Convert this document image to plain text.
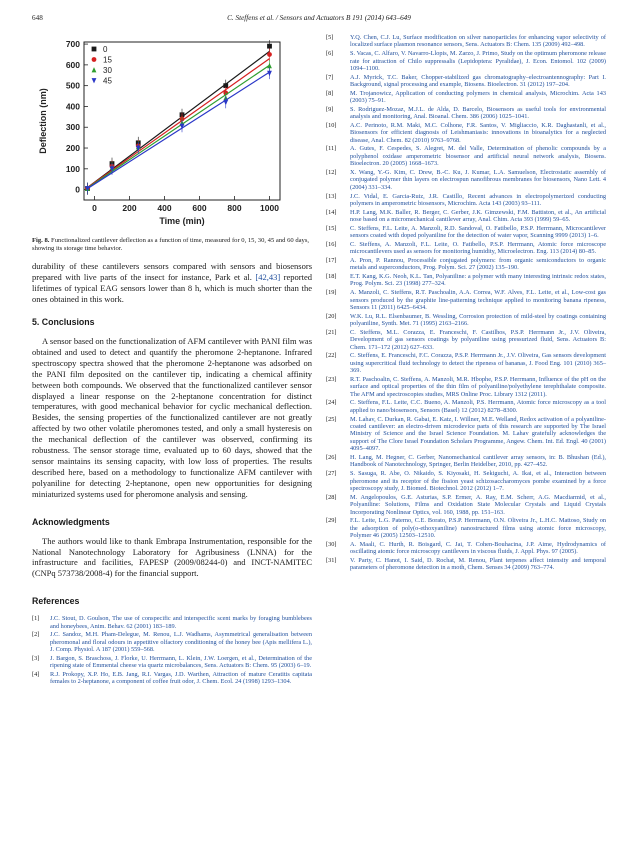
648	C. Steffens et al. / Sensors and Actuators B 191 (2014) 643–649
0
100
200
300
400
500
600
700
0	200 400 600 800 1000
Time (min)
Deflection (nm)
0
15
30
45
Fig. 8. Functionalized cantilever deflection as a function of time, measured for 0, 15, 30, 45 and 60 days, showing its storage time behavior.

durability of these cantilevers sensors compared with sensors and biosensors prepared with live parts of the insect for instance, Park et al. [42,43] reported lifetimes of typical EAG sensors lower than 8 h, which is much shorter than the ones obtained in this work.

5. Conclusions

A sensor based on the functionalization of AFM cantilever with PANI film was obtained and used to detect and quantify the pheromone 2-heptanone. Infrared spectroscopy spectra showed that the pheromone 2-heptanone was adsorbed on the PANI film deposited on the cantilever tip, indicating a chemical affinity between both compounds. We observed that the functionalized cantilever sensor displayed a linear response on the 2-heptanone concentration for distinct temperatures, with good mechanical behavior for cyclic mechanical deflection. Besides, the sensing properties of the functionalized cantilever are not greatly affected by two other volatile pheromones tested, and only a small hysteresis on the mechanical deflection of the cantilever was observed, confirming its robustness. The sensor storage time, evaluated up to 60 days, showed that the sensor maintains its sensing capacity, with low loss of properties. The results described here, based on a methodology to functionalize AFM cantilever with polyaniline for detecting 2-heptanone, open new opportunities for designing miniaturized systems used for pheromone analysis and sensing.

Acknowledgments

The authors would like to thank Embrapa Instrumentation, responsible for the National Nanotechnology Laboratory for Agribusiness (LNNA) for the infrastructure and facilities, FAPESP (2009/08244-0) and INCT-NAMITEC (CNPq 573738/2008-4) for the financial support.

References
[1] J.C. Stout, D. Goulson, The use of conspecific and interspecific scent marks by foraging bumblebees and honeybees, Anim. Behav. 62 (2001) 183–189.
[2] J.C. Sandoz, M.H. Pham-Delegue, M. Renou, L.J. Wadhams, Asymmetrical generalisation between pheromonal and floral odours in appetitive olfactory conditioning of the honey bee (Apis mellifera L.), J. Comp. Physiol. A 187 (2001) 559–568.
[3] J. Bargon, S. Braschoss, J. Florke, U. Herrmann, L. Klein, J.W. Loergen, et al., Determination of the ripening state of Emmental cheese via quartz microbalances, Sens. Actuators B: Chem. 95 (2003) 6–19.
[4] R.J. Prokopy, X.P. Ho, E.B. Jang, R.I. Vargas, J.D. Warthen, Attraction of mature Ceratitis capitata females to 2-heptanone, a component of coffee fruit odor, J. Chem. Ecol. 24 (1998) 1293–1304.
[5]	Y.Q. Chen, C.J. Lu, Surface modification on silver nanoparticles for enhancing vapor selectivity of localized surface plasmon resonance sensors, Sens. Actuators B: Chem. 135 (2009) 492–498.
[6]	S. Vacas, C. Alfaro, V. Navarro-Llopis, M. Zarzo, J. Primo, Study on the optimum pheromone release rate for attraction of Chilo suppressalis (Lepidoptera: Pyralidae), J. Econ. Entomol. 102 (2009) 1094–1100.
[7]	A.J. Myrick, T.C. Baker, Chopper-stabilized gas chromatography–electroantennography: Part I. Background, signal processing and example, Biosens. Bioelectron. 31 (2012) 197–204.
[8]	M. Trojanowicz, Application of conducting polymers in chemical analysis, Microchim. Acta 143 (2003) 75–91.
[9]	S. Rodriguez-Mozaz, M.J.L. de Alda, D. Barcelo, Biosensors as useful tools for environmental analysis and monitoring, Anal. Bioanal. Chem. 386 (2006) 1025–1041.
[10] A.C. Perinoto, R.M. Maki, M.C. Colhone, F.R. Santos, V. Migliaccio, K.R. Daghastanli, et al., Biosensors for efficient diagnosis of Leishmaniasis: innovations in bioanalytics for a neglected disease, Anal. Chem. 82 (2010) 9763–9768.
[11] A. Gutes, F. Cespedes, S. Alegret, M. del Valle, Determination of phenolic compounds by a polyphenol oxidase amperometric biosensor and artificial neural network analysis, Biosens. Bioelectron. 20 (2005) 1668–1673.
[12] X. Wang, Y.-G. Kim, C. Drew, B.-C. Ku, J. Kumar, L.A. Samuelson, Electrostatic assembly of conjugated polymer thin layers on electrospun nanofibrous membranes for biosensors, Nano Lett. 4 (2004) 331–334.
[13] J.C. Vidal, E. Garcia-Ruiz, J.R. Castillo, Recent advances in electropolymerized conducting polymers in amperometric biosensors, Microchim. Acta 143 (2003) 93–111.
[14] H.P. Lang, M.K. Baller, R. Berger, C. Gerber, J.K. Gimzewski, F.M. Battiston, et al., An artificial nose based on a micromechanical cantilever array, Anal. Chim. Acta 393 (1999) 59–65.
[15] C. Steffens, F.L. Leite, A. Manzoli, R.D. Sandoval, O. Fatibello, P.S.P. Herrmann, Microcantilever sensors coated with doped polyaniline for the detection of water vapor, Scanning 9999 (2013) 1–6.
[16] C. Steffens, A. Manzoli, F.L. Leite, O. Fatibello, P.S.P. Herrmann, Atomic force microscope microcantilevers used as sensors for monitoring humidity, Microelectron. Eng. 113 (2014) 80–85.
[17] A. Pron, P. Rannou, Processible conjugated polymers: from organic semiconductors to organic metals and superconductors, Prog. Polym. Sci. 27 (2002) 135–190.
[18] E.T. Kang, K.G. Neoh, K.L. Tan, Polyaniline: a polymer with many interesting intrinsic redox states, Prog. Polym. Sci. 23 (1998) 277–324.
[19] A. Manzoli, C. Steffens, R.T. Paschoalin, A.A. Correa, W.F. Alves, F.L. Leite, et al., Low-cost gas sensors produced by the graphite line-patterning technique applied to monitoring banana ripeness, Sensors 11 (2011) 6425–6434.
[20] W.K. Lu, R.L. Elsenbaumer, B. Wessling, Corrosion protection of mild-steel by coatings containing polyaniline, Synth. Met. 71 (1995) 2163–2166.
[21] C. Steffens, M.L. Corazza, E. Franceschi, F. Castilhos, P.S.P. Herrmann Jr., J.V. Oliveira, Development of gas sensors coatings by polyaniline using pressurized fluid, Sens. Actuators B: Chem. 171–172 (2012) 627–633.
[22] C. Steffens, E. Franceschi, F.C. Corazza, P.S.P. Herrmann Jr., J.V. Oliveira, Gas sensors development using supercritical fluid technology to detect the ripeness of bananas, J. Food Eng. 101 (2010) 365–369.
[23] R.T. Paschoalin, C. Steffens, A. Manzoli, M.R. Hbophe, P.S.P. Herrmann, Influence of the pH on the surface and optical properties of the thin film of polyaniline/polyethylene terephthalate composite. The AFM and spectroscopies studies, MRS Online Proc. Library 1312 (2011).
[24] C. Steffens, F.L. Leite, C.C. Bueno, A. Manzoli, P.S. Herrmann, Atomic force microscopy as a tool applied to nano/biosensors, Sensors (Basel) 12 (2012) 8278–8300.
[25] M. Lahav, C. Durkan, R. Gabai, E. Katz, I. Willner, M.E. Welland, Redox activation of a polyaniline-coated cantilever: an electro-driven microdevice parts of this research are supported by The Israel Ministry of Science and the Israel Science Foundation. M. Lahav gratefully acknowledges the support of The Clore Israel Foundation Scholars Programme, Angew. Chem. Int. Ed. Engl. 40 (2001) 4095–4097.
[26] H. Lang, M. Hegner, C. Gerber, Nanomechanical cantilever array sensors, in: B. Bhushan (Ed.), Handbook of Nanotechnology, Springer, Berlin Heidelber, 2010, pp. 427–452.
[27] S. Sasuga, R. Abe, O. Nikaido, S. Kiyosaki, H. Sekiguchi, A. Ikai, et al., Interaction between pheromone and its receptor of the fission yeast schizosaccharomyces pombe examined by a force spectroscopy study, J. Biomed. Biotechnol. 2012 (2012) 1–7.
[28] M. Angelopoulos, G.E. Asturias, S.P. Ermer, A. Ray, E.M. Scherr, A.G. Macdiarmid, et al., Polyaniline: Solutions, Films and Oxidation State Molecular Crystals and Liquid Crystals Incorporating Nonlinear Optics, vol. 160, 1988, pp. 151–163.
[29] F.L. Leite, L.G. Paterno, C.E. Borato, P.S.P. Herrmann, O.N. Oliveira Jr., L.H.C. Mattoso, Study on the adsorption of poly(o-ethoxyaniline) nanostructured films using atomic force microscopy, Polymer 46 (2005) 12503–12510.
[30] A. Maali, C. Hurth, R. Boisgard, C. Jai, T. Cohen-Bouhacina, J.P. Aime, Hydrodynamics of oscillating atomic force microscopy cantilevers in viscous fluids, J. Appl. Phys. 97 (2005).
[31] V. Party, C. Hanot, I. Said, D. Rochat, M. Renou, Plant terpenes affect intensity and temporal parameters of pheromone detection in a moth, Chem. Senses 34 (2009) 763–774.
